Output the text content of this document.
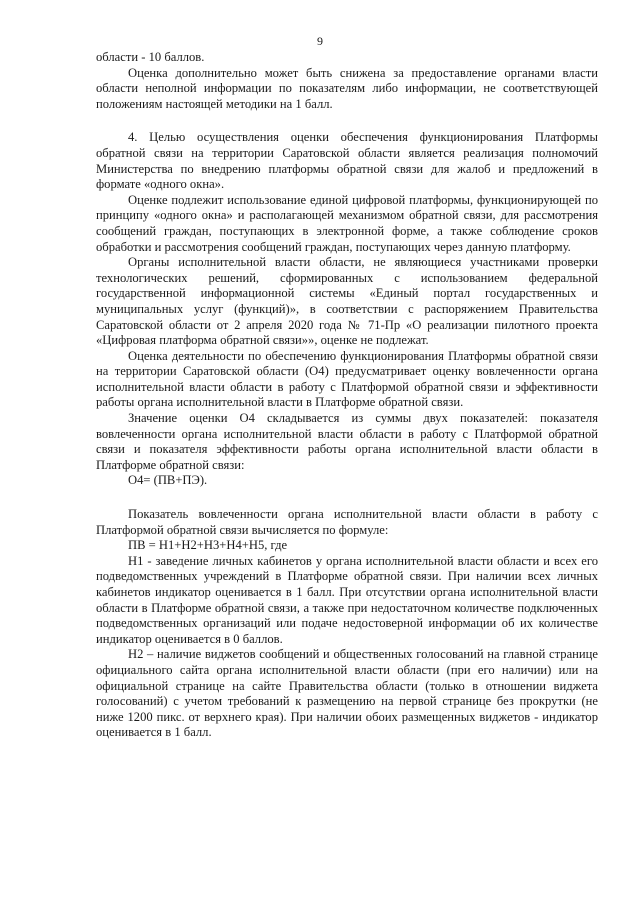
9

области - 10 баллов.

Оценка дополнительно может быть снижена за предоставление органами власти области неполной информации по показателям либо информации, не соответствующей положениям настоящей методики на 1 балл.

4. Целью осуществления оценки обеспечения функционирования Платформы обратной связи на территории Саратовской области является реализация полномочий Министерства по внедрению платформы обратной связи для жалоб и предложений в формате «одного окна».

Оценке подлежит использование единой цифровой платформы, функционирующей по принципу «одного окна» и располагающей механизмом обратной связи, для рассмотрения сообщений граждан, поступающих в электронной форме, а также соблюдение сроков обработки и рассмотрения сообщений граждан, поступающих через данную платформу.

Органы исполнительной власти области, не являющиеся участниками проверки технологических решений, сформированных с использованием федеральной государственной информационной системы «Единый портал государственных и муниципальных услуг (функций)», в соответствии с распоряжением Правительства Саратовской области от 2 апреля 2020 года № 71-Пр «О реализации пилотного проекта «Цифровая платформа обратной связи»», оценке не подлежат.

Оценка деятельности по обеспечению функционирования Платформы обратной связи на территории Саратовской области (О4) предусматривает оценку вовлеченности органа исполнительной власти области в работу с Платформой обратной связи и эффективности работы органа исполнительной власти в Платформе обратной связи.

Значение оценки О4 складывается из суммы двух показателей: показателя вовлеченности органа исполнительной власти области в работу с Платформой обратной связи и показателя эффективности работы органа исполнительной власти области в Платформе обратной связи:

О4= (ПВ+ПЭ).

Показатель вовлеченности органа исполнительной власти области в работу с Платформой обратной связи вычисляется по формуле:

ПВ = Н1+Н2+Н3+Н4+Н5, где

Н1 - заведение личных кабинетов у органа исполнительной власти области и всех его подведомственных учреждений в Платформе обратной связи. При наличии всех личных кабинетов индикатор оценивается в 1 балл. При отсутствии органа исполнительной власти области в Платформе обратной связи, а также при недостаточном количестве подключенных подведомственных организаций или подаче недостоверной информации об их количестве индикатор оценивается в 0 баллов.

Н2 – наличие виджетов сообщений и общественных голосований на главной странице официального сайта органа исполнительной власти области (при его наличии) или на официальной странице на сайте Правительства области (только в отношении виджета голосований) с учетом требований к размещению на первой странице без прокрутки (не ниже 1200 пикс. от верхнего края). При наличии обоих размещенных виджетов - индикатор оценивается в 1 балл.
